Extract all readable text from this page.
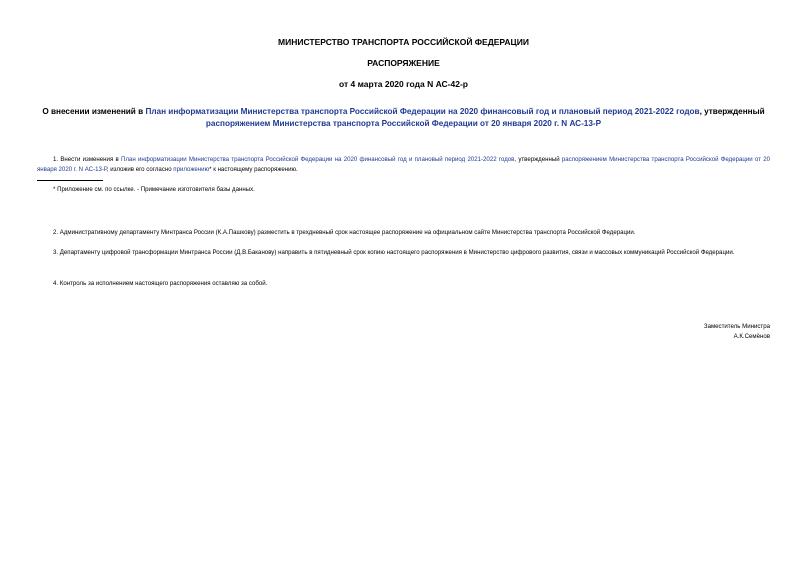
МИНИСТЕРСТВО ТРАНСПОРТА РОССИЙСКОЙ ФЕДЕРАЦИИ
РАСПОРЯЖЕНИЕ
от 4 марта 2020 года N АС-42-р
О внесении изменений в План информатизации Министерства транспорта Российской Федерации на 2020 финансовый год и плановый период 2021-2022 годов, утвержденный распоряжением Министерства транспорта Российской Федерации от 20 января 2020 г. N АС-13-Р
1. Внести изменения в План информатизации Министерства транспорта Российской Федерации на 2020 финансовый год и плановый период 2021-2022 годов, утвержденный распоряжением Министерства транспорта Российской Федерации от 20 января 2020 г. N АС-13-Р, изложив его согласно приложению* к настоящему распоряжению.
* Приложение см. по ссылке. - Примечание изготовителя базы данных.
2. Административному департаменту Минтранса России (К.А.Пашкову) разместить в трехдневный срок настоящее распоряжение на официальном сайте Министерства транспорта Российской Федерации.
3. Департаменту цифровой трансформации Минтранса России (Д.В.Баканову) направить в пятидневный срок копию настоящего распоряжения в Министерство цифрового развития, связи и массовых коммуникаций Российской Федерации.
4. Контроль за исполнением настоящего распоряжения оставляю за собой.
Заместитель Министра
А.К.Семёнов
